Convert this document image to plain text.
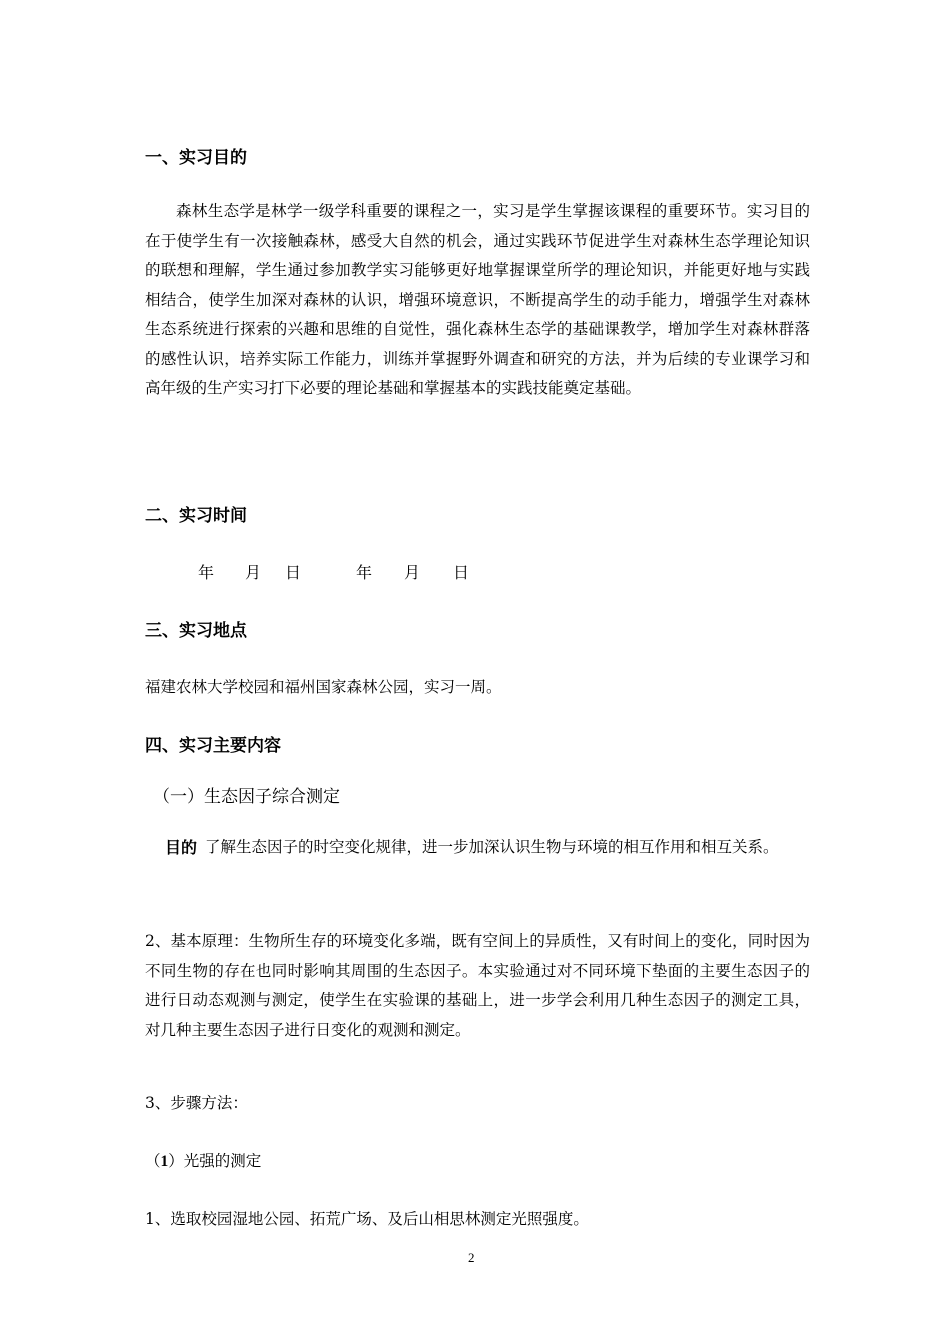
一、实习目的

森林生态学是林学一级学科重要的课程之一，实习是学生掌握该课程的重要环节。实习目的在于使学生有一次接触森林，感受大自然的机会，通过实践环节促进学生对森林生态学理论知识的联想和理解，学生通过参加教学实习能够更好地掌握课堂所学的理论知识，并能更好地与实践相结合，使学生加深对森林的认识，增强环境意识，不断提高学生的动手能力，增强学生对森林生态系统进行探索的兴趣和思维的自觉性，强化森林生态学的基础课教学，增加学生对森林群落的感性认识，培养实际工作能力，训练并掌握野外调查和研究的方法，并为后续的专业课学习和高年级的生产实习打下必要的理论基础和掌握基本的实践技能奠定基础。

二、实习时间
年 月 日	年 月 日
三、实习地点
福建农林大学校园和福州国家森林公园，实习一周。
四、实习主要内容
（一）生态因子综合测定
目的 了解生态因子的时空变化规律，进一步加深认识生物与环境的相互作用和相互关系。

2、基本原理：生物所生存的环境变化多端，既有空间上的异质性，又有时间上的变化，同时因为不同生物的存在也同时影响其周围的生态因子。本实验通过对不同环境下垫面的主要生态因子的进行日动态观测与测定，使学生在实验课的基础上，进一步学会利用几种生态因子的测定工具，对几种主要生态因子进行日变化的观测和测定。

3、步骤方法：
（1）光强的测定
1、选取校园湿地公园、拓荒广场、及后山相思林测定光照强度。
2
